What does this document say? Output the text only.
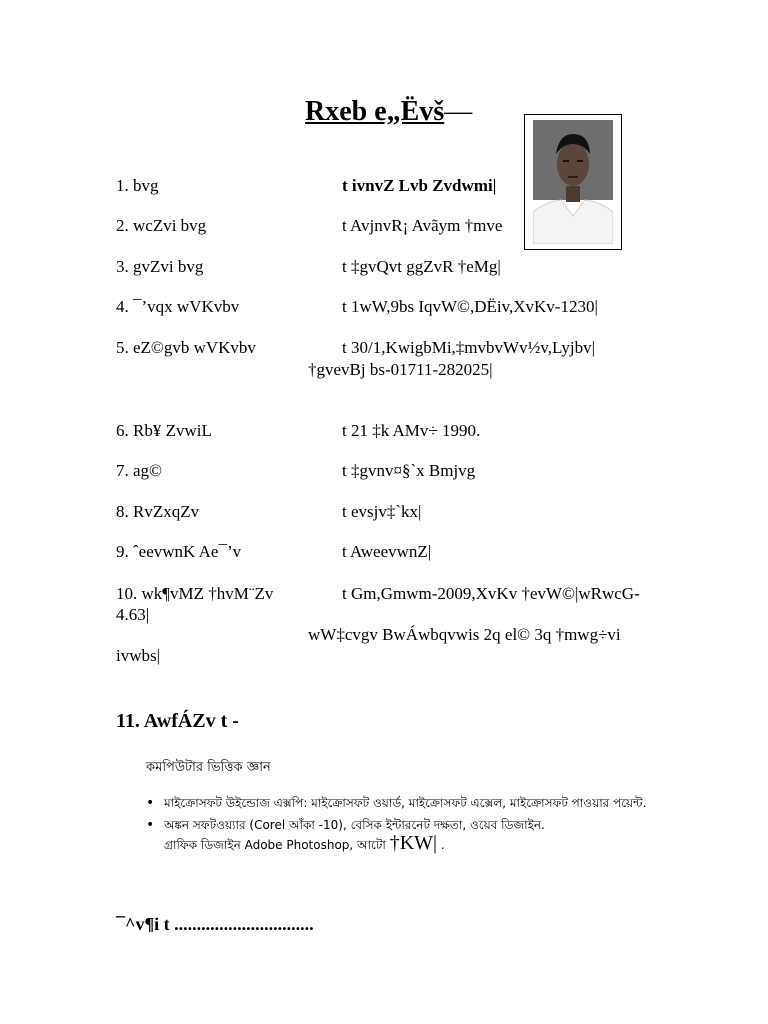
Rxeb e„Ëvš—
1. bvg	t ivnvZ Lvb Zvdwmi|
2. wcZvi bvg	t AvjnvR¡ Avãym †mve
3. gvZvi bvg	t ‡gvQvt ggZvR †eMg|
4. ¯’vqx wVKvbv	t 1wW,9bs IqvW©,DËiv,XvKv-1230|
5. eZ©gvb wVKvbv	t 30/1,KwigbMi,‡mvbvWv½v,Lyjbv|
†gvevBj bs-01711-282025|
6. Rb¥ ZvwiL	t 21 ‡k AMv÷ 1990.
7. ag©	t ‡gvnv¤§`x Bmjvg
8. RvZxqZv	t evsjv‡`kx|
9. ˆeevwnK Ae¯’v	t AweevwnZ|
10. wk¶vMZ †hvM¨Zv	t Gm,Gmwm-2009,XvKv †evW©|wRwcG-
4.63|
wW‡cvgv BwÁwbqvwis 2q el© 3q †mwg÷vi
ivwbs|
11. AwfÁZv t -
কমপিউটার ভিত্তিক জ্ঞান
• মাইক্রোসফট উইন্ডোজ এক্সপি: মাইক্রোসফট ওয়ার্ড, মাইক্রোসফট এক্সেল, মাইক্রোসফট পাওয়ার পয়েন্ট.
• অঙ্কন সফটওয়্যার (Corel আঁকা -10), বেসিক ইন্টারনেট দক্ষতা, ওয়েব ডিজাইন.
গ্রাফিক ডিজাইন Adobe Photoshop, আটো †KW| .
¯^v¶i t ...............................
